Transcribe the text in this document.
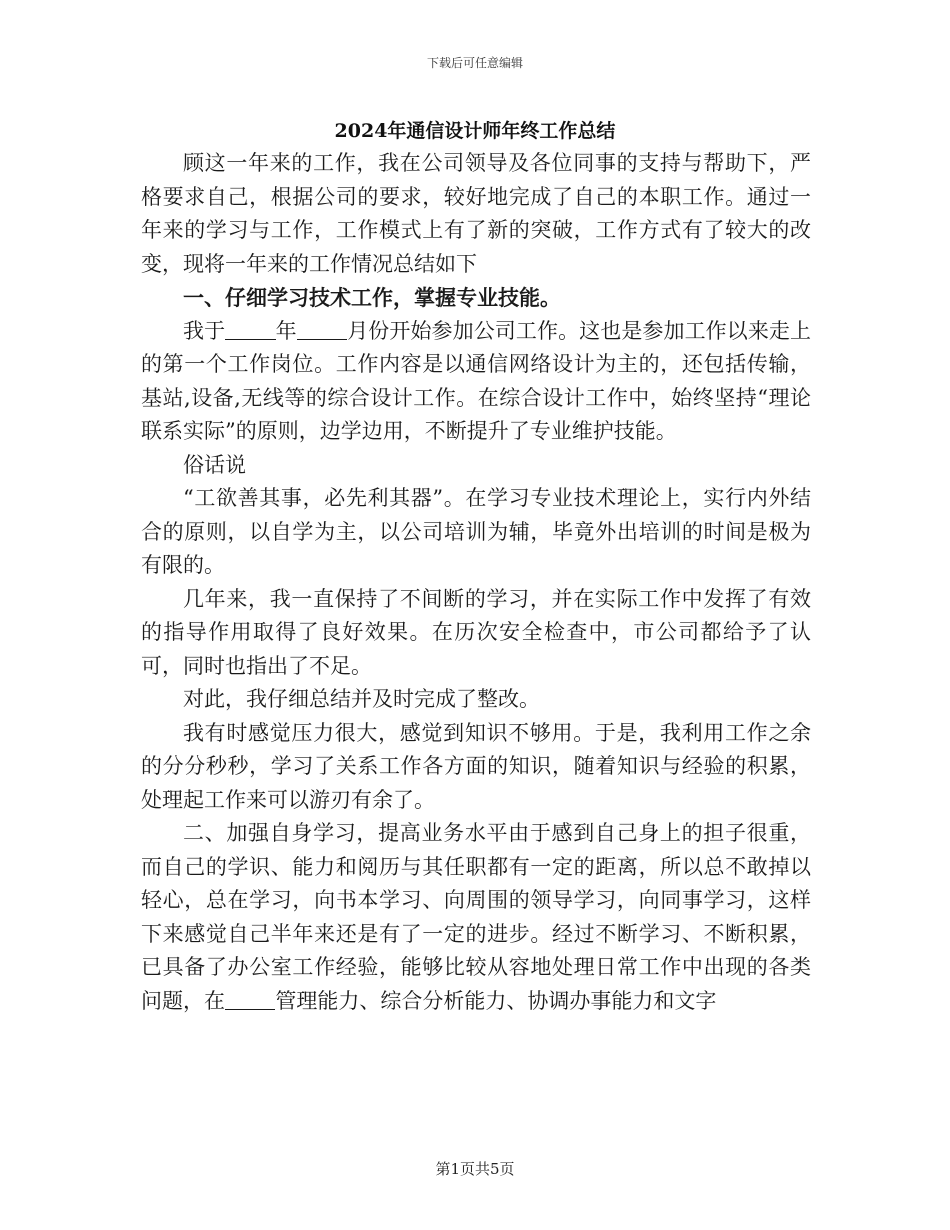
下载后可任意编辑
2024年通信设计师年终工作总结

顾这一年来的工作，我在公司领导及各位同事的支持与帮助下，严格要求自己，根据公司的要求，较好地完成了自己的本职工作。通过一年来的学习与工作，工作模式上有了新的突破，工作方式有了较大的改变，现将一年来的工作情况总结如下

一、仔细学习技术工作，掌握专业技能。

我于 年 月份开始参加公司工作。这也是参加工作以来走上的第一个工作岗位。工作内容是以通信网络设计为主的，还包括传输，基站,设备,无线等的综合设计工作。在综合设计工作中，始终坚持“理论联系实际”的原则，边学边用，不断提升了专业维护技能。

俗话说

“工欲善其事，必先利其器”。在学习专业技术理论上，实行内外结合的原则，以自学为主，以公司培训为辅，毕竟外出培训的时间是极为有限的。

几年来，我一直保持了不间断的学习，并在实际工作中发挥了有效的指导作用取得了良好效果。在历次安全检查中，市公司都给予了认可，同时也指出了不足。

对此，我仔细总结并及时完成了整改。

我有时感觉压力很大，感觉到知识不够用。于是，我利用工作之余的分分秒秒，学习了关系工作各方面的知识，随着知识与经验的积累，处理起工作来可以游刃有余了。

二、加强自身学习，提高业务水平由于感到自己身上的担子很重，而自己的学识、能力和阅历与其任职都有一定的距离，所以总不敢掉以轻心，总在学习，向书本学习、向周围的领导学习，向同事学习，这样下来感觉自己半年来还是有了一定的进步。经过不断学习、不断积累，已具备了办公室工作经验，能够比较从容地处理日常工作中出现的各类问题，在 管理能力、综合分析能力、协调办事能力和文字

第1页共5页
